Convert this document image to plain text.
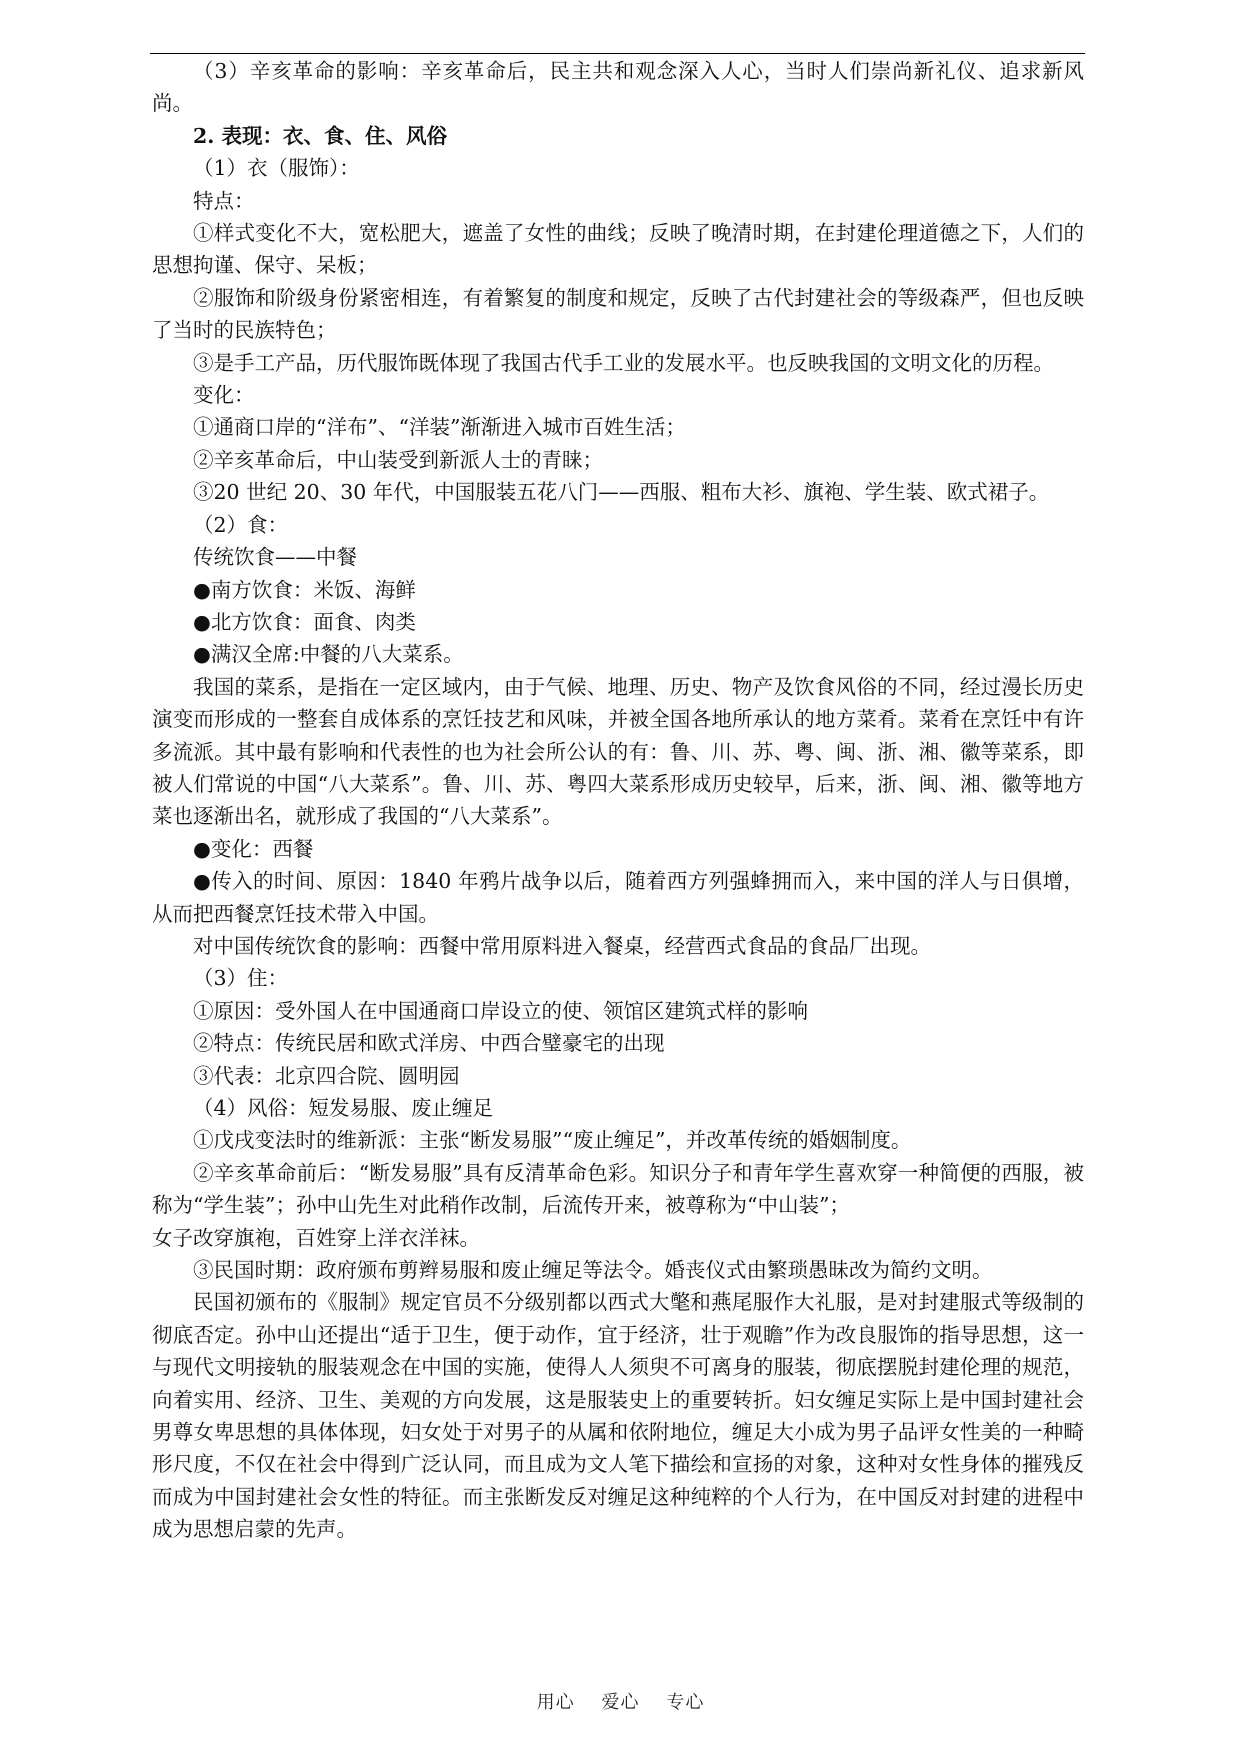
（3）辛亥革命的影响：辛亥革命后，民主共和观念深入人心，当时人们崇尚新礼仪、追求新风尚。

2. 表现：衣、食、住、风俗

（1）衣（服饰）：

特点：

①样式变化不大，宽松肥大，遮盖了女性的曲线；反映了晚清时期，在封建伦理道德之下，人们的思想拘谨、保守、呆板；

②服饰和阶级身份紧密相连，有着繁复的制度和规定，反映了古代封建社会的等级森严，但也反映了当时的民族特色；

③是手工产品，历代服饰既体现了我国古代手工业的发展水平。也反映我国的文明文化的历程。

变化：

①通商口岸的“洋布”、“洋装”渐渐进入城市百姓生活；

②辛亥革命后，中山装受到新派人士的青睐；

③20 世纪 20、30 年代，中国服装五花八门——西服、粗布大衫、旗袍、学生装、欧式裙子。

（2）食：

传统饮食——中餐

●南方饮食：米饭、海鲜

●北方饮食：面食、肉类

●满汉全席:中餐的八大菜系。

我国的菜系，是指在一定区域内，由于气候、地理、历史、物产及饮食风俗的不同，经过漫长历史演变而形成的一整套自成体系的烹饪技艺和风味，并被全国各地所承认的地方菜肴。菜肴在烹饪中有许多流派。其中最有影响和代表性的也为社会所公认的有：鲁、川、苏、粤、闽、浙、湘、徽等菜系，即被人们常说的中国“八大菜系”。鲁、川、苏、粤四大菜系形成历史较早，后来，浙、闽、湘、徽等地方菜也逐渐出名，就形成了我国的“八大菜系”。

●变化：西餐

●传入的时间、原因：1840 年鸦片战争以后，随着西方列强蜂拥而入，来中国的洋人与日俱增，从而把西餐烹饪技术带入中国。

对中国传统饮食的影响：西餐中常用原料进入餐桌，经营西式食品的食品厂出现。

（3）住：

①原因：受外国人在中国通商口岸设立的使、领馆区建筑式样的影响

②特点：传统民居和欧式洋房、中西合璧豪宅的出现

③代表：北京四合院、圆明园

（4）风俗：短发易服、废止缠足

①戊戌变法时的维新派：主张“断发易服”“废止缠足”，并改革传统的婚姻制度。

②辛亥革命前后：“断发易服”具有反清革命色彩。知识分子和青年学生喜欢穿一种简便的西服，被称为“学生装”；孙中山先生对此稍作改制，后流传开来，被尊称为“中山装”；

女子改穿旗袍，百姓穿上洋衣洋袜。

③民国时期：政府颁布剪辫易服和废止缠足等法令。婚丧仪式由繁琐愚昧改为简约文明。

民国初颁布的《服制》规定官员不分级别都以西式大氅和燕尾服作大礼服，是对封建服式等级制的彻底否定。孙中山还提出“适于卫生，便于动作，宜于经济，壮于观瞻”作为改良服饰的指导思想，这一与现代文明接轨的服装观念在中国的实施，使得人人须臾不可离身的服装，彻底摆脱封建伦理的规范，向着实用、经济、卫生、美观的方向发展，这是服装史上的重要转折。妇女缠足实际上是中国封建社会男尊女卑思想的具体体现，妇女处于对男子的从属和依附地位，缠足大小成为男子品评女性美的一种畸形尺度，不仅在社会中得到广泛认同，而且成为文人笔下描绘和宣扬的对象，这种对女性身体的摧残反而成为中国封建社会女性的特征。而主张断发反对缠足这种纯粹的个人行为，在中国反对封建的进程中成为思想启蒙的先声。

用心    爱心    专心
